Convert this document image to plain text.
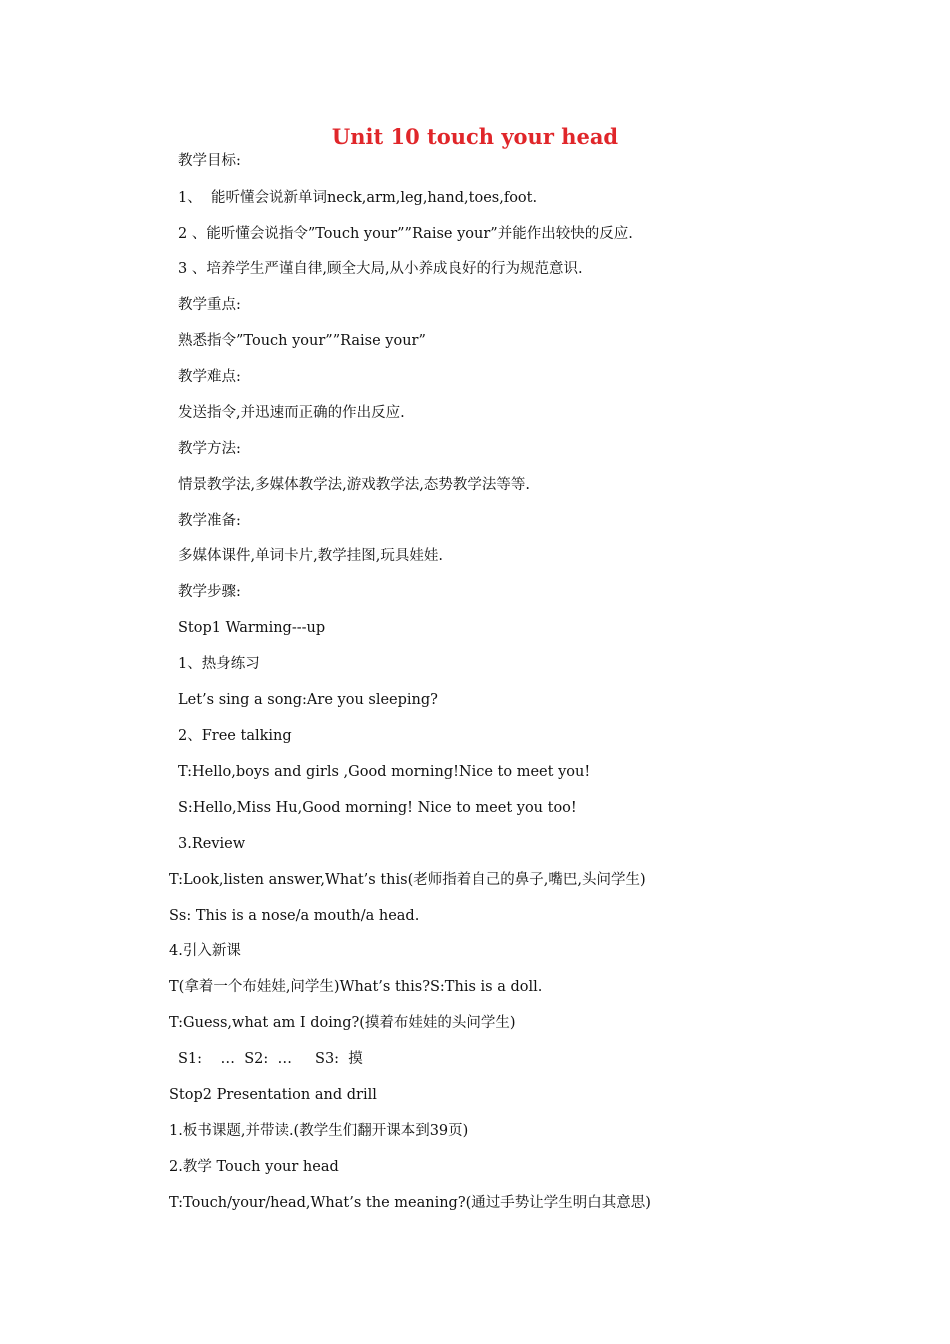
Unit 10 touch your head
教学目标:
1、  能听懂会说新单词neck,arm,leg,hand,toes,foot.
2 、能听懂会说指令”Touch your””Raise your”并能作出较快的反应.
3 、培养学生严谨自律,顾全大局,从小养成良好的行为规范意识.
教学重点:
熟悉指令”Touch your””Raise your”
教学难点:
发送指令,并迅速而正确的作出反应.
教学方法:
情景教学法,多媒体教学法,游戏教学法,态势教学法等等.
教学准备:
多媒体课件,单词卡片,教学挂图,玩具娃娃.
教学步骤:
Stop1 Warming---up
1、热身练习
Let’s sing a song:Are you sleeping?
2、Free talking
T:Hello,boys and girls ,Good morning!Nice to meet you!
S:Hello,Miss Hu,Good morning! Nice to meet you too!
3.Review
T:Look,listen answer,What’s this(老师指着自己的鼻子,嘴巴,头问学生)
Ss: This is a nose/a mouth/a head.
4.引入新课
T(拿着一个布娃娃,问学生)What’s this?S:This is a doll.
T:Guess,what am I doing?(摸着布娃娃的头问学生)
S1:    …  S2:  …     S3:  摸
Stop2 Presentation and drill
1.板书课题,并带读.(教学生们翻开课本到39页)
2.教学 Touch your head
T:Touch/your/head,What’s the meaning?(通过手势让学生明白其意思)
